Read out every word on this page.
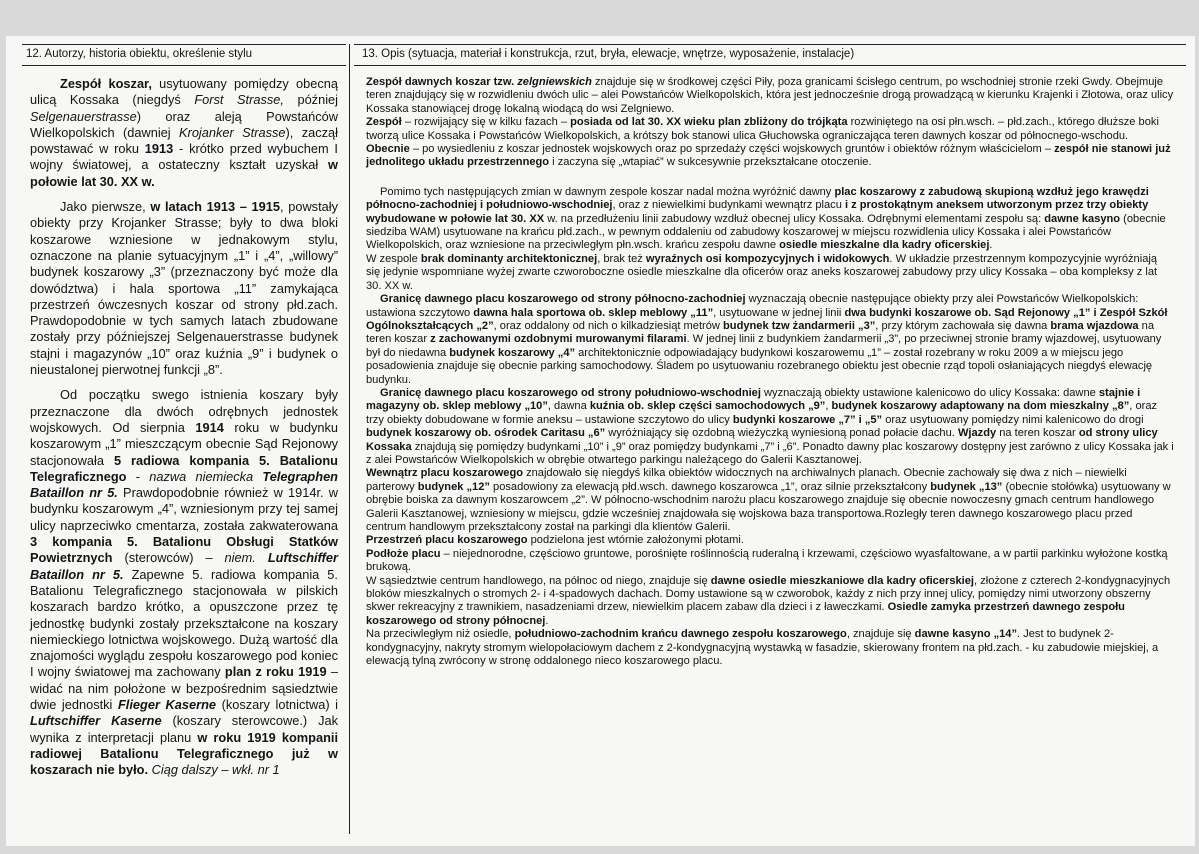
12. Autorzy, historia obiektu, określenie stylu	13. Opis (sytuacja, materiał i konstrukcja, rzut, bryła, elewacje, wnętrze, wyposażenie, instalacje)

Zespół koszar, usytuowany pomiędzy obecną ulicą Kossaka (niegdyś Forst Strasse, później Selgenauerstrasse) oraz aleją Powstańców Wielkopolskich (dawniej Krojanker Strasse), zaczął powstawać w roku 1913 - krótko przed wybuchem I wojny światowej, a ostateczny kształt uzyskał w połowie lat 30. XX w.

Jako pierwsze, w latach 1913 – 1915, powstały obiekty przy Krojanker Strasse; były to dwa bloki koszarowe wzniesione w jednakowym stylu, oznaczone na planie sytuacyjnym „1” i „4”, „willowy” budynek koszarowy „3” (przeznaczony być może dla dowództwa) i hala sportowa „11” zamykająca przestrzeń ówczesnych koszar od strony płd.zach. Prawdopodobnie w tych samych latach zbudowane zostały przy późniejszej Selgenauerstrasse budynek stajni i magazynów „10” oraz kuźnia „9” i budynek o nieustalonej pierwotnej funkcji „8”.

Od początku swego istnienia koszary były przeznaczone dla dwóch odrębnych jednostek wojskowych. Od sierpnia 1914 roku w budynku koszarowym „1” mieszczącym obecnie Sąd Rejonowy stacjonowała 5 radiowa kompania 5. Batalionu Telegraficznego - nazwa niemiecka Telegraphen Bataillon nr 5. Prawdopodobnie również w 1914r. w budynku koszarowym „4”, wzniesionym przy tej samej ulicy naprzeciwko cmentarza, została zakwaterowana 3 kompania 5. Batalionu Obsługi Statków Powietrznych (sterowców) – niem. Luftschiffer Bataillon nr 5. Zapewne 5. radiowa kompania 5. Batalionu Telegraficznego stacjonowała w pilskich koszarach bardzo krótko, a opuszczone przez tę jednostkę budynki zostały przekształcone na koszary niemieckiego lotnictwa wojskowego. Dużą wartość dla znajomości wyglądu zespołu koszarowego pod koniec I wojny światowej ma zachowany plan z roku 1919 – widać na nim położone w bezpośrednim sąsiedztwie dwie jednostki Flieger Kaserne (koszary lotnictwa) i Luftschiffer Kaserne (koszary sterowcowe.) Jak wynika z interpretacji planu w roku 1919 kompanii radiowej Batalionu Telegraficznego już w koszarach nie było. Ciąg dalszy – wkł. nr 1

Zespół dawnych koszar tzw. zelgniewskich znajduje się w środkowej części Piły, poza granicami ścisłego centrum, po wschodniej stronie rzeki Gwdy. Obejmuje teren znajdujący się w rozwidleniu dwóch ulic – alei Powstańców Wielkopolskich, która jest jednocześnie drogą prowadzącą w kierunku Krajenki i Złotowa, oraz ulicy Kossaka stanowiącej drogę lokalną wiodącą do wsi Zelgniewo.

Zespół – rozwijający się w kilku fazach – posiada od lat 30. XX wieku plan zbliżony do trójkąta rozwiniętego na osi płn.wsch. – płd.zach., którego dłuższe boki tworzą ulice Kossaka i Powstańców Wielkopolskich, a krótszy bok stanowi ulica Głuchowska ograniczająca teren dawnych koszar od północnego-wschodu.

Obecnie – po wysiedleniu z koszar jednostek wojskowych oraz po sprzedaży części wojskowych gruntów i obiektów różnym właścicielom – zespół nie stanowi już jednolitego układu przestrzennego i zaczyna się „wtapiać” w sukcesywnie przekształcane otoczenie.

Pomimo tych następujących zmian w dawnym zespole koszar nadal można wyróżnić dawny plac koszarowy z zabudową skupioną wzdłuż jego krawędzi północno-zachodniej i południowo-wschodniej, oraz z niewielkimi budynkami wewnątrz placu i z prostokątnym aneksem utworzonym przez trzy obiekty wybudowane w połowie lat 30. XX w. na przedłużeniu linii zabudowy wzdłuż obecnej ulicy Kossaka. Odrębnymi elementami zespołu są: dawne kasyno (obecnie siedziba WAM) usytuowane na krańcu płd.zach., w pewnym oddaleniu od zabudowy koszarowej w miejscu rozwidlenia ulicy Kossaka i alei Powstańców Wielkopolskich, oraz wzniesione na przeciwległym płn.wsch. krańcu zespołu dawne osiedle mieszkalne dla kadry oficerskiej.

W zespole brak dominanty architektonicznej, brak też wyraźnych osi kompozycyjnych i widokowych. W układzie przestrzennym kompozycyjnie wyróżniają się jedynie wspomniane wyżej zwarte czworoboczne osiedle mieszkalne dla oficerów oraz aneks koszarowej zabudowy przy ulicy Kossaka – oba kompleksy z lat 30. XX w.

Granicę dawnego placu koszarowego od strony północno-zachodniej wyznaczają obecnie następujące obiekty przy alei Powstańców Wielkopolskich: ustawiona szczytowo dawna hala sportowa ob. sklep meblowy „11”, usytuowane w jednej linii dwa budynki koszarowe ob. Sąd Rejonowy „1” i Zespół Szkół Ogólnokształcących „2”, oraz oddalony od nich o kilkadziesiąt metrów budynek tzw żandarmerii „3”, przy którym zachowała się dawna brama wjazdowa na teren koszar z zachowanymi ozdobnymi murowanymi filarami. W jednej linii z budynkiem żandarmerii „3”, po przeciwnej stronie bramy wjazdowej, usytuowany był do niedawna budynek koszarowy „4” architektonicznie odpowiadający budynkowi koszarowemu „1” – został rozebrany w roku 2009 a w miejscu jego posadowienia znajduje się obecnie parking samochodowy. Śladem po usytuowaniu rozebranego obiektu jest obecnie rząd topoli osłaniających niegdyś elewację budynku.

Granicę dawnego placu koszarowego od strony południowo-wschodniej wyznaczają obiekty ustawione kalenicowo do ulicy Kossaka: dawne stajnie i magazyny ob. sklep meblowy „10”, dawna kuźnia ob. sklep części samochodowych „9”, budynek koszarowy adaptowany na dom mieszkalny „8”, oraz trzy obiekty dobudowane w formie aneksu – ustawione szczytowo do ulicy budynki koszarowe „7” i „5” oraz usytuowany pomiędzy nimi kalenicowo do drogi budynek koszarowy ob. ośrodek Caritasu „6” wyróżniający się ozdobną wieżyczką wyniesioną ponad połacie dachu. Wjazdy na teren koszar od strony ulicy Kossaka znajdują się pomiędzy budynkami „10” i „9” oraz pomiędzy budynkami „7” i „6”. Ponadto dawny plac koszarowy dostępny jest zarówno z ulicy Kossaka jak i z alei Powstańców Wielkopolskich w obrębie otwartego parkingu należącego do Galerii Kasztanowej.

Wewnątrz placu koszarowego znajdowało się niegdyś kilka obiektów widocznych na archiwalnych planach. Obecnie zachowały się dwa z nich – niewielki parterowy budynek „12” posadowiony za elewacją płd.wsch. dawnego koszarowca „1”, oraz silnie przekształcony budynek „13” (obecnie stołówka) usytuowany w obrębie boiska za dawnym koszarowcem „2”. W północno-wschodnim narożu placu koszarowego znajduje się obecnie nowoczesny gmach centrum handlowego Galerii Kasztanowej, wzniesiony w miejscu, gdzie wcześniej znajdowała się wojskowa baza transportowa.Rozległy teren dawnego koszarowego placu przed centrum handlowym przekształcony został na parkingi dla klientów Galerii.

Przestrzeń placu koszarowego podzielona jest wtórnie założonymi płotami.

Podłoże placu – niejednorodne, częściowo gruntowe, porośnięte roślinnością ruderalną i krzewami, częściowo wyasfaltowane, a w partii parkinku wyłożone kostką brukową.

W sąsiedztwie centrum handlowego, na północ od niego, znajduje się dawne osiedle mieszkaniowe dla kadry oficerskiej, złożone z czterech 2-kondygnacyjnych bloków mieszkalnych o stromych 2- i 4-spadowych dachach. Domy ustawione są w czworobok, każdy z nich przy innej ulicy, pomiędzy nimi utworzony obszerny skwer rekreacyjny z trawnikiem, nasadzeniami drzew, niewielkim placem zabaw dla dzieci i z ławeczkami. Osiedle zamyka przestrzeń dawnego zespołu koszarowego od strony północnej.

Na przeciwległym niż osiedle, południowo-zachodnim krańcu dawnego zespołu koszarowego, znajduje się dawne kasyno „14”. Jest to budynek 2-kondygnacyjny, nakryty stromym wielopołaciowym dachem z 2-kondygnacyjną wystawką w fasadzie, skierowany frontem na płd.zach. - ku zabudowie miejskiej, a elewacją tylną zwrócony w stronę oddalonego nieco koszarowego placu.
